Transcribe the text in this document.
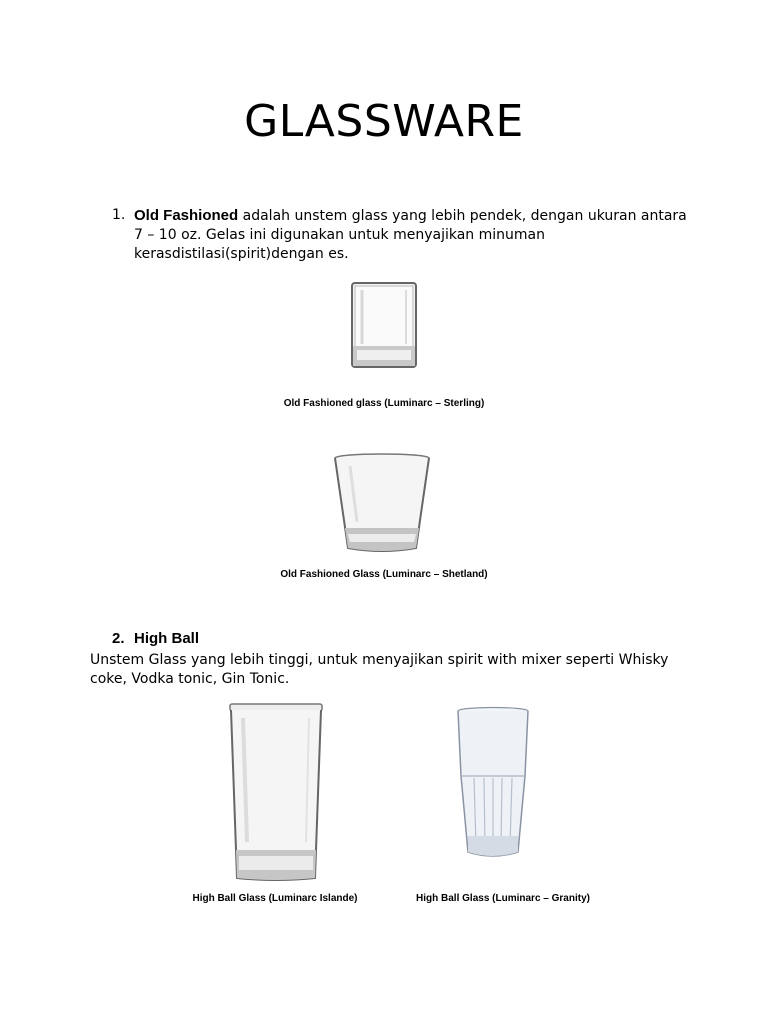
GLASSWARE
1. Old Fashioned adalah unstem glass yang lebih pendek, dengan ukuran antara 7 – 10 oz. Gelas ini digunakan untuk menyajikan minuman kerasdistilasi(spirit)dengan es.
Old Fashioned glass (Luminarc – Sterling)
Old Fashioned Glass (Luminarc – Shetland)
2. High Ball
Unstem Glass yang lebih tinggi, untuk menyajikan spirit with mixer seperti Whisky coke, Vodka tonic, Gin Tonic.
High Ball Glass (Luminarc Islande)	High Ball Glass (Luminarc – Granity)
